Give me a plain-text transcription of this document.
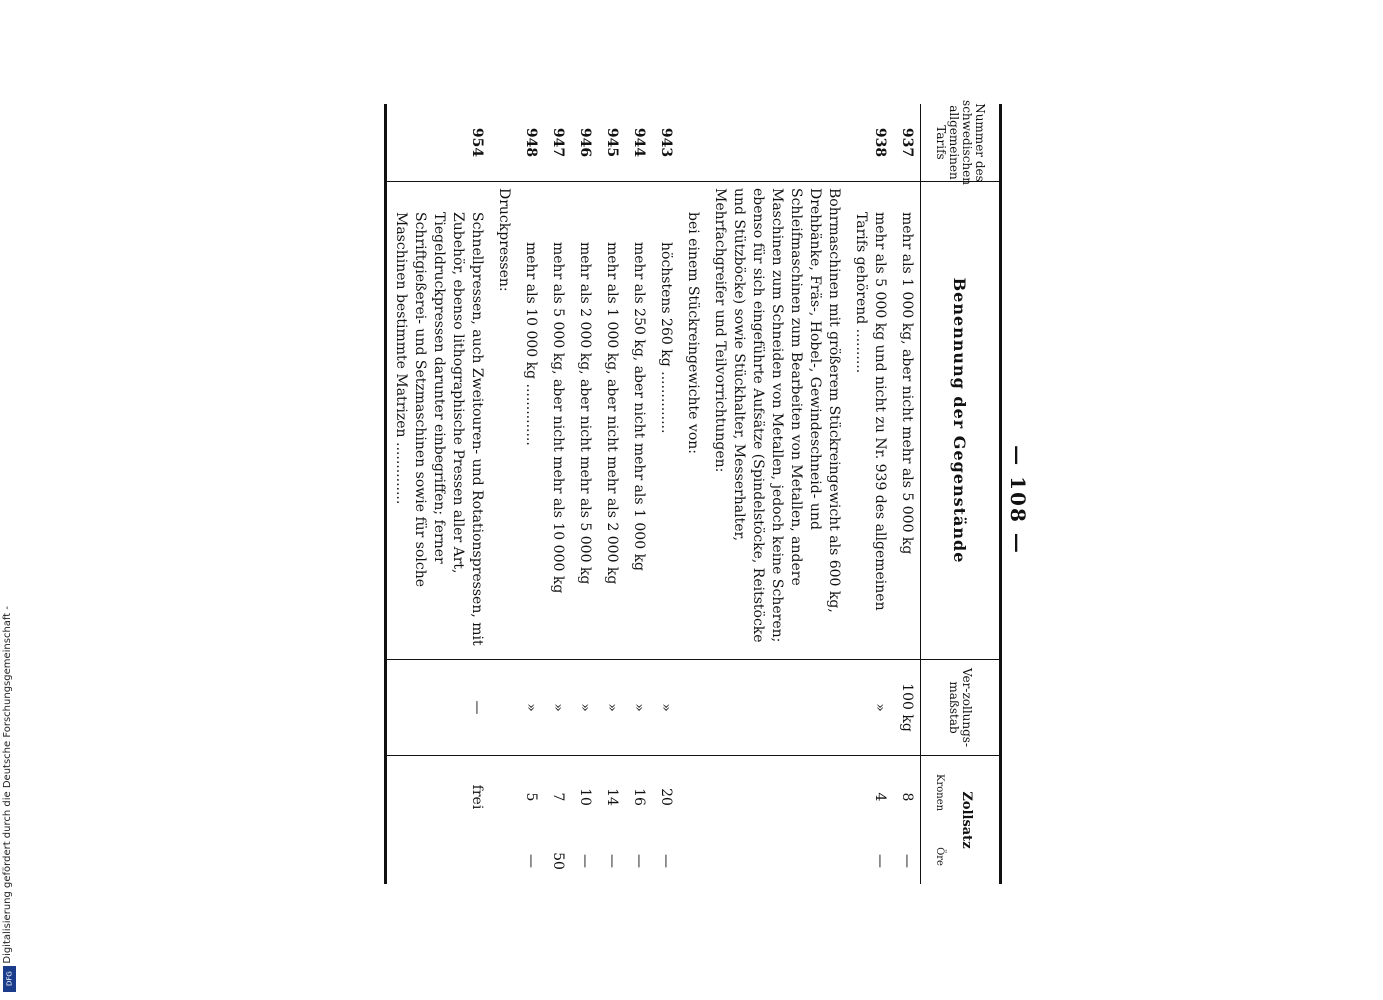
— 108 —
Nummer des schwedischen allgemeinen Tarifs
Benennung der Gegenstände
Ver-zollungs-maßstab
Zollsatz
Kronen
Öre
937
mehr als 1 000 kg, aber nicht mehr als 5 000 kg
100 kg
8
—
938
mehr als 5 000 kg und nicht zu Nr. 939 des allgemeinen Tarifs gehörend ..........
»
4
—
Bohrmaschinen mit größerem Stückreingewicht als 600 kg, Drehbänke, Fräs-, Hobel-, Gewindeschneid- und Schleifmaschinen zum Bearbeiten von Metallen, andere Maschinen zum Schneiden von Metallen, jedoch keine Scheren; ebenso für sich eingeführte Aufsätze (Spindelstöcke, Reitstöcke und Stützböcke) sowie Stückhalter, Messerhalter, Mehrfachgreifer und Teilvorrichtungen:
bei einem Stückreingewichte von:
943
höchstens 260 kg ..............
»
20
—
944
mehr als 250 kg, aber nicht mehr als 1 000 kg
»
16
—
945
mehr als 1 000 kg, aber nicht mehr als 2 000 kg
»
14
—
946
mehr als 2 000 kg, aber nicht mehr als 5 000 kg
»
10
—
947
mehr als 5 000 kg, aber nicht mehr als 10 000 kg
»
7
50
948
mehr als 10 000 kg ..............
»
5
—
Druckpressen:
954
Schnellpressen, auch Zweitouren- und Rotationspressen, mit Zubehör, ebenso lithographische Pressen aller Art, Tiegeldruckpressen darunter einbegriffen; ferner Schriftgießerei- und Setzmaschinen sowie für solche Maschinen bestimmte Matrizen ..............
—
frei
Digitalisierung gefördert durch die Deutsche Forschungsgemeinschaft -
DFG
